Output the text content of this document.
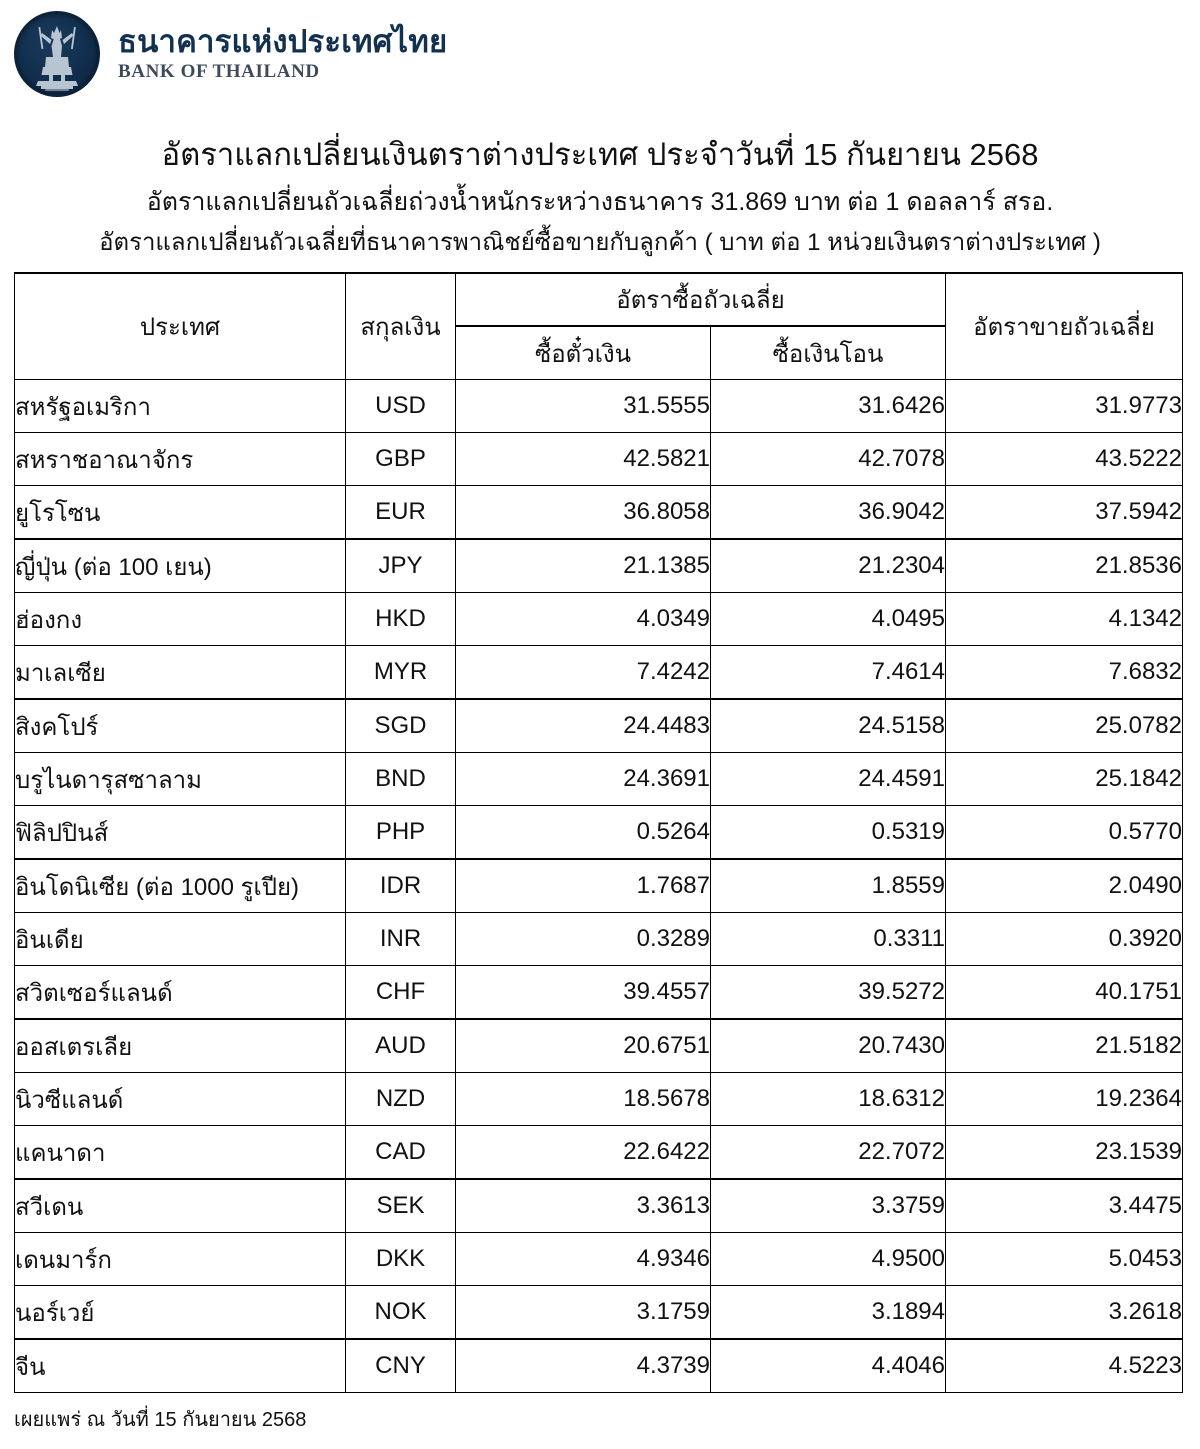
ธนาคารแห่งประเทศไทย
BANK OF THAILAND
อัตราแลกเปลี่ยนเงินตราต่างประเทศ ประจำวันที่ 15 กันยายน 2568
อัตราแลกเปลี่ยนถัวเฉลี่ยถ่วงน้ำหนักระหว่างธนาคาร 31.869 บาท ต่อ 1 ดอลลาร์ สรอ.
อัตราแลกเปลี่ยนถัวเฉลี่ยที่ธนาคารพาณิชย์ซื้อขายกับลูกค้า ( บาท ต่อ 1 หน่วยเงินตราต่างประเทศ )
ประเทศ	สกุลเงิน	อัตราซื้อถัวเฉลี่ย		อัตราขายถัวเฉลี่ย
		ซื้อตั๋วเงิน	ซื้อเงินโอน	
สหรัฐอเมริกา	USD	31.5555	31.6426	31.9773
สหราชอาณาจักร	GBP	42.5821	42.7078	43.5222
ยูโรโซน	EUR	36.8058	36.9042	37.5942
ญี่ปุ่น (ต่อ 100 เยน)	JPY	21.1385	21.2304	21.8536
ฮ่องกง	HKD	4.0349	4.0495	4.1342
มาเลเซีย	MYR	7.4242	7.4614	7.6832
สิงคโปร์	SGD	24.4483	24.5158	25.0782
บรูไนดารุสซาลาม	BND	24.3691	24.4591	25.1842
ฟิลิปปินส์	PHP	0.5264	0.5319	0.5770
อินโดนิเซีย (ต่อ 1000 รูเปีย)	IDR	1.7687	1.8559	2.0490
อินเดีย	INR	0.3289	0.3311	0.3920
สวิตเซอร์แลนด์	CHF	39.4557	39.5272	40.1751
ออสเตรเลีย	AUD	20.6751	20.7430	21.5182
นิวซีแลนด์	NZD	18.5678	18.6312	19.2364
แคนาดา	CAD	22.6422	22.7072	23.1539
สวีเดน	SEK	3.3613	3.3759	3.4475
เดนมาร์ก	DKK	4.9346	4.9500	5.0453
นอร์เวย์	NOK	3.1759	3.1894	3.2618
จีน	CNY	4.3739	4.4046	4.5223
เผยแพร่ ณ วันที่ 15 กันยายน 2568
